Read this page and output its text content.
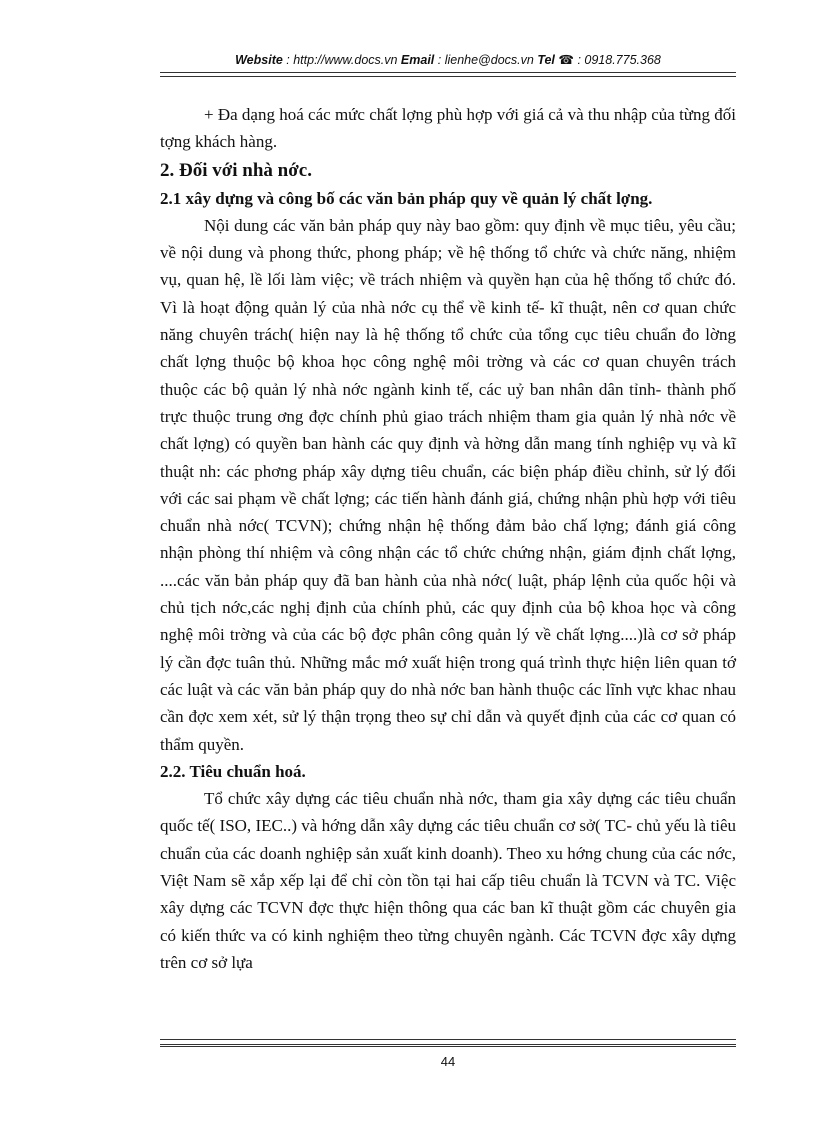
Website : http://www.docs.vn Email : lienhe@docs.vn Tel ☎ : 0918.775.368

+ Đa dạng hoá các mức chất lợng phù hợp với giá cả và thu nhập của từng đối tợng khách hàng.

2. Đối với nhà nớc.

2.1 xây dựng và công bố các văn bản pháp quy về quản lý chất lợng.

Nội dung các văn bản pháp quy này bao gồm: quy định về mục tiêu, yêu cầu; về nội dung và phong thức, phong pháp; về hệ thống tổ chức và chức năng, nhiệm vụ, quan hệ, lề lối làm việc; về trách nhiệm và quyền hạn của hệ thống tổ chức đó. Vì là hoạt động quản lý của nhà nớc cụ thể về kinh tế- kĩ thuật, nên cơ quan chức năng chuyên trách( hiện nay là hệ thống tổ chức của tổng cục tiêu chuẩn đo lờng chất lợng thuộc bộ khoa học công nghệ môi trờng và các cơ quan chuyên trách thuộc các bộ quản lý nhà nớc ngành kinh tế, các uỷ ban nhân dân tỉnh- thành phố trực thuộc trung ơng đợc chính phủ giao trách nhiệm tham gia quản lý nhà nớc về chất lợng) có quyền ban hành các quy định và hờng dẫn mang tính nghiệp vụ và kĩ thuật nh: các phơng pháp xây dựng tiêu chuẩn, các biện pháp điều chỉnh, sử lý đối với các sai phạm về chất lợng; các tiến hành đánh giá, chứng nhận phù hợp với tiêu chuẩn nhà nớc( TCVN); chứng nhận hệ thống đảm bảo chấ lợng; đánh giá công nhận phòng thí nhiệm và công nhận các tổ chức chứng nhận, giám định chất lợng, ....các văn bản pháp quy đã ban hành của nhà nớc( luật, pháp lệnh của quốc hội và chủ tịch nớc,các nghị định của chính phủ, các quy định của bộ khoa học và công nghệ môi trờng và của các bộ đợc phân công quản lý về chất lợng....)là cơ sở pháp lý cần đợc tuân thủ. Những mắc mớ xuất hiện trong quá trình thực hiện liên quan tớ các luật và các văn bản pháp quy do nhà nớc ban hành thuộc các lĩnh vực khac nhau cần đợc xem xét, sử lý thận trọng theo sự chỉ dẫn và quyết định của các cơ quan có thẩm quyền.

2.2. Tiêu chuẩn hoá.

Tổ chức xây dựng các tiêu chuẩn nhà nớc, tham gia xây dựng các tiêu chuẩn quốc tế( ISO, IEC..) và hớng dẫn xây dựng các tiêu chuẩn cơ sở( TC- chủ yếu là tiêu chuẩn của các doanh nghiệp sản xuất kinh doanh). Theo xu hớng chung của các nớc, Việt Nam sẽ xắp xếp lại để chỉ còn tồn tại hai cấp tiêu chuẩn là TCVN và TC. Việc xây dựng các TCVN đợc thực hiện thông qua các ban kĩ thuật gồm các chuyên gia có kiến thức va có kinh nghiệm theo từng chuyên ngành. Các TCVN đợc xây dựng trên cơ sở lựa

44
